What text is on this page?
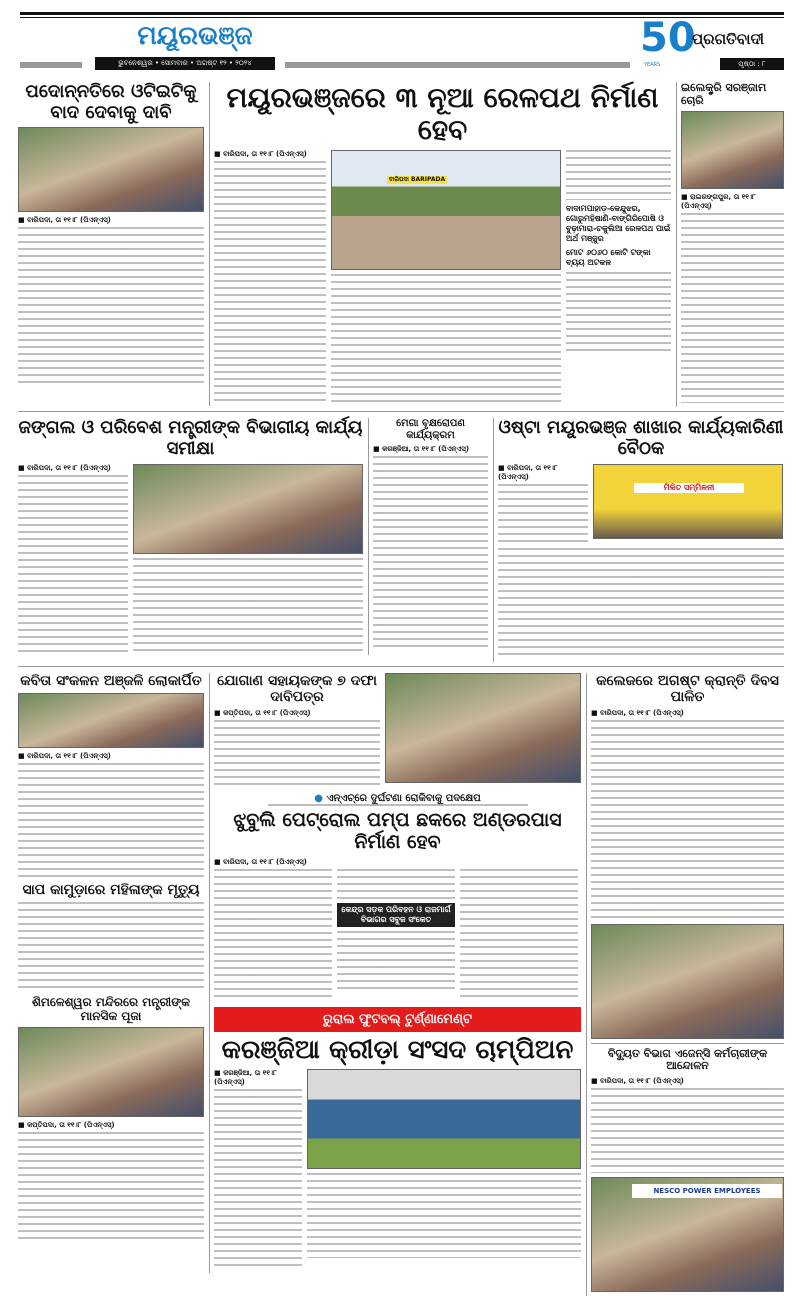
ମୟୂରଭଞ୍ଜ
ଭୁବନେଶ୍ୱର • ସୋମବାର • ଅଗଷ୍ଟ ୧୨ • ୨୦୨୪
50
YEARS
ପ୍ରଗତିବାଦୀ
ପୃଷ୍ଠା : ୮
ପଦୋନ୍ନତିରେ ଓଟିଇଟିକୁ ବାଦ ଦେବାକୁ ଦାବି
■ ବାରିପଦା, ତା ୧୧।୮ (ପିଏନ୍‌ଏସ୍‌)
ମୟୂରଭଞ୍ଜରେ ୩ ନୂଆ ରେଳପଥ ନିର୍ମାଣ ହେବ
■ ବାରିପଦା, ତା ୧୧।୮ (ପିଏନ୍‌ଏସ୍‌)
ବାରିପଦା BARIPADA
ବାଦାମପାହାଡ଼-କେନ୍ଦୁଝର, ଗୋରୁମହିଷାଣି-ବାଙ୍ଗିରିପୋଷି ଓ ବୁଢ଼ାମାରା-ଚକୁଲିଆ ରେଳପଥ ପାଇଁ ଅର୍ଥ ମଞ୍ଜୁର
ମୋଟ ୬୦୬୦ କୋଟି ଟଙ୍କା ବ୍ୟୟ ଅଟକଳ
ଇଲେକ୍ଟ୍ରି ସରଞ୍ଜାମ ଚୋରି
■ ରାଇରଙ୍ଗପୁର, ତା ୧୧।୮ (ପିଏନ୍‌ଏସ୍‌)
ଜଙ୍ଗଲ ଓ ପରିବେଶ ମନ୍ତ୍ରୀଙ୍କ ବିଭାଗୀୟ କାର୍ଯ୍ୟ ସମୀକ୍ଷା
■ ବାରିପଦା, ତା ୧୧।୮ (ପିଏନ୍‌ଏସ୍‌)
ମେଗା ବୃକ୍ଷରୋପଣ କାର୍ଯ୍ୟକ୍ରମ
■ କରଞ୍ଜିଆ, ତା ୧୧।୮ (ପିଏନ୍‌ଏସ୍‌)
ଓଷ୍ଟା ମୟୂରଭଞ୍ଜ ଶାଖାର କାର୍ଯ୍ୟକାରିଣୀ ବୈଠକ
■ ବାରିପଦା, ତା ୧୧।୮ (ପିଏନ୍‌ଏସ୍‌)
ମିଳିତ ସମ୍ମିଳନୀ
କବିତା ସଂକଳନ ଅଞ୍ଜଳି ଲୋକାର୍ପିତ
■ ବାରିପଦା, ତା ୧୧।୮ (ପିଏନ୍‌ଏସ୍‌)
ସାପ କାମୁଡ଼ାରେ ମହିଳାଙ୍କ ମୃତ୍ୟୁ
ଶିମଳେଶ୍ୱର ମନ୍ଦିରରେ ମନ୍ତ୍ରୀଙ୍କ ମାନସିକ ପୂଜା
■ କପ୍ତିପଦା, ତା ୧୧।୮ (ପିଏନ୍‌ଏସ୍‌)
ଯୋଗାଣ ସହାୟକଙ୍କ ୭ ଦଫା ଦାବିପତ୍ର
■ କପ୍ତିପଦା, ତା ୧୧।୮ (ପିଏନ୍‌ଏସ୍‌)
● ଏନ୍‌ଏଚ୍‌ରେ ଦୁର୍ଘଟଣା ରୋକିବାକୁ ପଦକ୍ଷେପ
ଝୁବୁଲି ପେଟ୍ରୋଲ ପମ୍ପ ଛକରେ ଅଣ୍ଡରପାସ ନିର୍ମାଣ ହେବ
■ ବାରିପଦା, ତା ୧୧।୮ (ପିଏନ୍‌ଏସ୍‌)
କେନ୍ଦ୍ର ସଡ଼କ ପରିବହନ ଓ ରାଜମାର୍ଗ ବିଭାଗର ସବୁଜ ସଂକେତ
ରୁରାଲ ଫୁଟବଲ୍ ଟୁର୍ଣ୍ଣାମେଣ୍ଟ
କରଞ୍ଜିଆ କ୍ରୀଡ଼ା ସଂସଦ ଚାମ୍ପିଅନ
■ କରଞ୍ଜିଆ, ତା ୧୧।୮ (ପିଏନ୍‌ଏସ୍‌)
କଲେଜରେ ଅଗଷ୍ଟ କ୍ରାନ୍ତି ଦିବସ ପାଳିତ
■ ବାରିପଦା, ତା ୧୧।୮ (ପିଏନ୍‌ଏସ୍‌)
ବିଦ୍ୟୁତ ବିଭାଗ ଏଜେନ୍ସି କର୍ମଚାରୀଙ୍କ ଆନ୍ଦୋଳନ
■ ବାରିପଦା, ତା ୧୧।୮ (ପିଏନ୍‌ଏସ୍‌)
NESCO POWER EMPLOYEES
